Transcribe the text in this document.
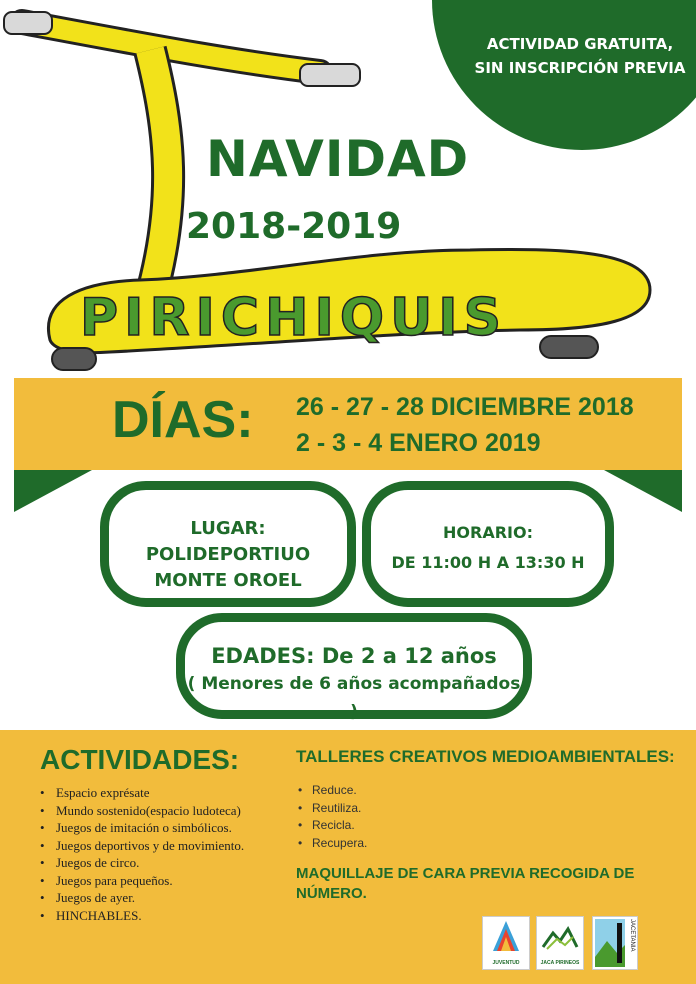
PIRICHIQUIS
ACTIVIDAD GRATUITA,
SIN INSCRIPCIÓN PREVIA
NAVIDAD
2018-2019
DÍAS: 26 - 27 - 28 DICIEMBRE 2018
2 - 3 - 4 ENERO 2019
LUGAR:
POLIDEPORTIUO
MONTE OROEL
HORARIO:
DE 11:00 H A 13:30 H
EDADES: De 2 a 12 años
( Menores de 6 años acompañados )
ACTIVIDADES:
• Espacio exprésate
• Mundo sostenido(espacio ludoteca)
• Juegos de imitación o simbólicos.
• Juegos deportivos y de movimiento.
• Juegos de circo.
• Juegos para pequeños.
• Juegos de ayer.
• HINCHABLES.
TALLERES CREATIVOS MEDIOAMBIENTALES:
• Reduce.
• Reutiliza.
• Recicla.
• Recupera.
MAQUILLAJE DE CARA PREVIA RECOGIDA DE NÚMERO.
JUVENTUD	JACA PIRINEOS
JACETANIA
